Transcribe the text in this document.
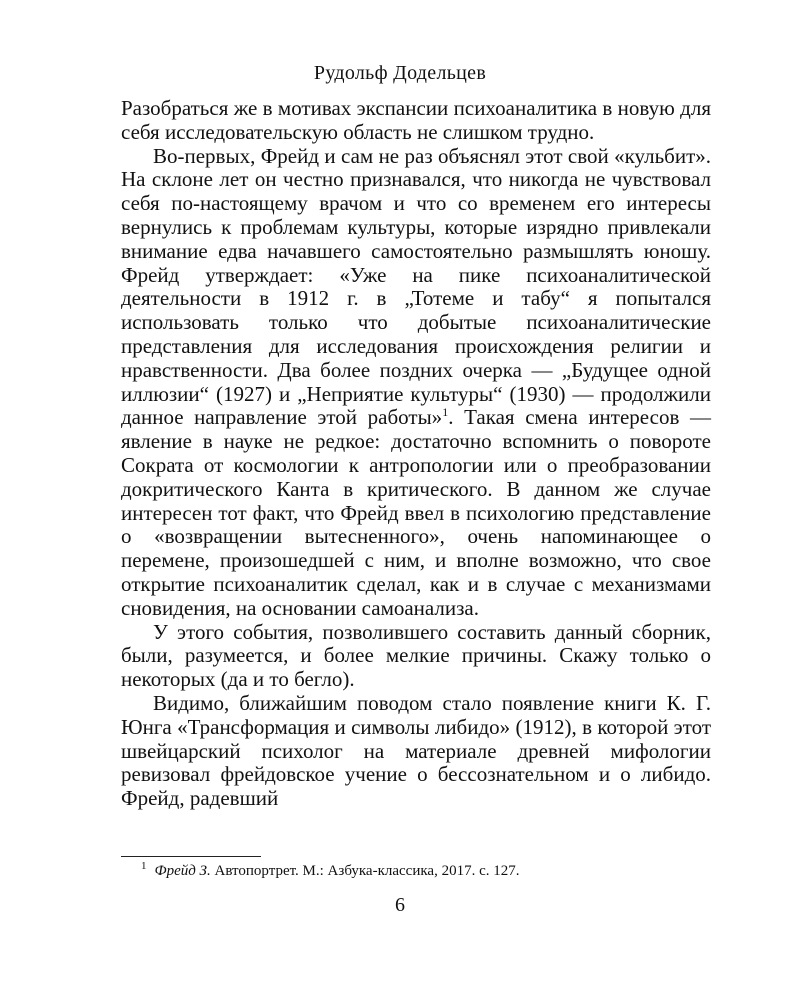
Рудольф Додельцев

Разобраться же в мотивах экспансии психоаналитика в новую для себя исследовательскую область не слишком трудно.

Во-первых, Фрейд и сам не раз объяснял этот свой «кульбит». На склоне лет он честно признавался, что никогда не чувствовал себя по-настоящему врачом и что со временем его интересы вернулись к проблемам культуры, которые изрядно привлекали внимание едва начавшего самостоятельно размышлять юношу. Фрейд утверждает: «Уже на пике психоаналитической деятельности в 1912 г. в „Тотеме и табу“ я попытался использовать только что добытые психоаналитические представления для исследования происхождения религии и нравственности. Два более поздних очерка — „Будущее одной иллюзии“ (1927) и „Неприятие культуры“ (1930) — продолжили данное направление этой работы»$^1$. Такая смена интересов — явление в науке не редкое: достаточно вспомнить о повороте Сократа от космологии к антропологии или о преобразовании докритического Канта в критического. В данном же случае интересен тот факт, что Фрейд ввел в психологию представление о «возвращении вытесненного», очень напоминающее о перемене, произошедшей с ним, и вполне возможно, что свое открытие психоаналитик сделал, как и в случае с механизмами сновидения, на основании самоанализа.

У этого события, позволившего составить данный сборник, были, разумеется, и более мелкие причины. Скажу только о некоторых (да и то бегло).

Видимо, ближайшим поводом стало появление книги К. Г. Юнга «Трансформация и символы либидо» (1912), в которой этот швейцарский психолог на материале древней мифологии ревизовал фрейдовское учение о бессознательном и о либидо. Фрейд, радевший

$^1$ Фрейд З. Автопортрет. М.: Азбука-классика, 2017. с. 127.
6
